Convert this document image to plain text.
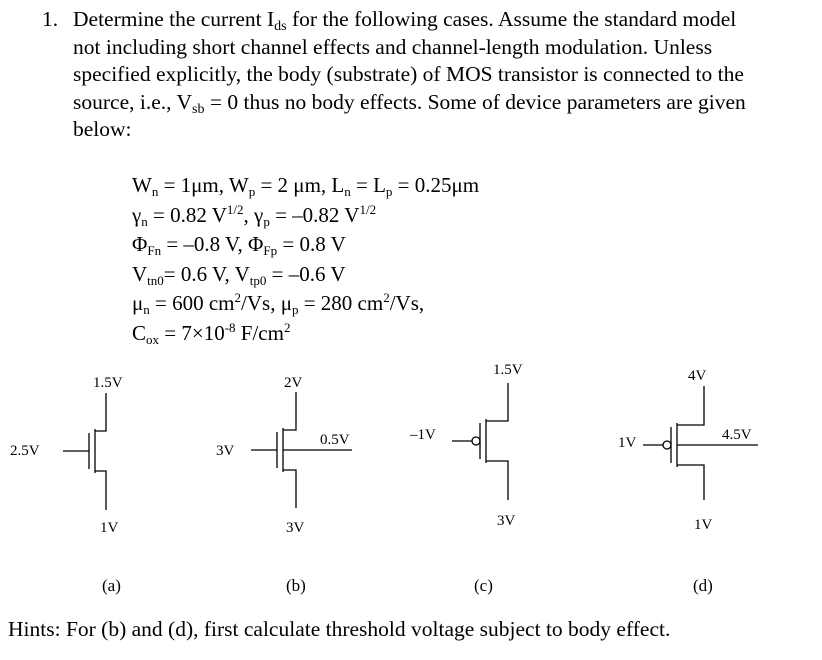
1. Determine the current $I_{ds}$ for the following cases. Assume the standard model not including short channel effects and channel-length modulation. Unless specified explicitly, the body (substrate) of MOS transistor is connected to the source, i.e., $V_{sb} = 0$ thus no body effects. Some of device parameters are given below:
$W_n = 1\mu m$, $W_p = 2$ μm, $L_n = L_p = 0.25\mu m$
$\gamma_n = 0.82$ $V^{1/2}$, $\gamma_p = -0.82$ $V^{1/2}$
$\Phi_{Fn} = -0.8$ V, $\Phi_{Fp} = 0.8$ V
$V_{tn0}= 0.6$ V, $V_{tp0} = -0.6$ V
$\mu_n = 600$ $cm^2/Vs$, $\mu_p = 280$ $cm^2/Vs$,
$C_{ox} = 7\times 10^{-8}$ $F/cm^2$
1.5V
2.5V
1V
(a)
2V
3V
0.5V
3V
(b)
1.5V
–1V
3V
(c)
4V
1V	4.5V
1V
(d)
Hints: For (b) and (d), first calculate threshold voltage subject to body effect.
